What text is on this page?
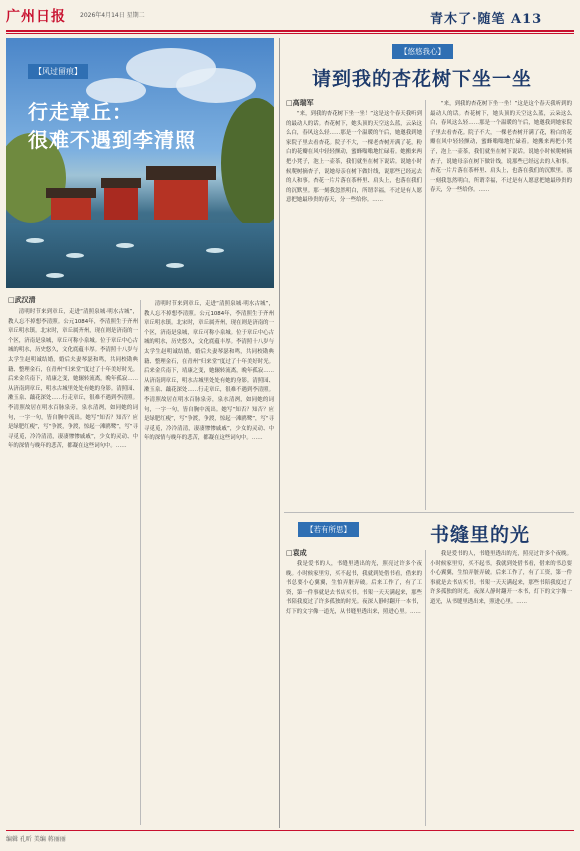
广州日报 2026年4月14日 星期二	青木了·随笔 A13
【风过留痕】
行走章丘：
很难不遇到李清照
□武汉清

清明时节来到章丘，走进“清照泉城·明水古城”，教人忘不掉想李清照。公元1084年，李清照生于齐州章丘明水镇。北宋时，章丘属齐州，现在则是济南的一个区，济南是泉城，章丘可称小泉城。位于章丘中心古城的明水，历史悠久，文化底蕴丰厚。李清照十八岁与太学生赵明诚结婚，婚后夫妻琴瑟和鸣，共同校勘典籍、整理金石，在青州“归来堂”度过了十年美好时光。后来金兵南下，靖康之变，她辗转流离，晚年孤寂……从济南到章丘，明水古城里处处有她的身影。清照园、漱玉泉、藕花深处……行走章丘，很难不遇到李清照。李清照故居在明水百脉泉旁，泉水清冽，如同她的词句，一字一句，皆自胸中流出。她写“知否？知否？应是绿肥红瘦”，写“争渡，争渡，惊起一滩鸥鹭”，写“寻寻觅觅，冷冷清清，凄凄惨惨戚戚”，少女的灵动、中年的深情与晚年的悲苦，都凝在这些词句中。……

清明时节来到章丘，走进“清照泉城·明水古城”，教人忘不掉想李清照。公元1084年，李清照生于齐州章丘明水镇。北宋时，章丘属齐州，现在则是济南的一个区，济南是泉城，章丘可称小泉城。位于章丘中心古城的明水，历史悠久，文化底蕴丰厚。李清照十八岁与太学生赵明诚结婚，婚后夫妻琴瑟和鸣，共同校勘典籍、整理金石，在青州“归来堂”度过了十年美好时光。后来金兵南下，靖康之变，她辗转流离，晚年孤寂……从济南到章丘，明水古城里处处有她的身影。清照园、漱玉泉、藕花深处……行走章丘，很难不遇到李清照。李清照故居在明水百脉泉旁，泉水清冽，如同她的词句，一字一句，皆自胸中流出。她写“知否？知否？应是绿肥红瘦”，写“争渡，争渡，惊起一滩鸥鹭”，写“寻寻觅觅，冷冷清清，凄凄惨惨戚戚”，少女的灵动、中年的深情与晚年的悲苦，都凝在这些词句中。……

【悠悠我心】
请到我的杏花树下坐一坐
□高瑞军

“来，到我的杏花树下坐一坐！”这是这个春天我听到的最动人的话。杏花树下，她头顶的天空这么蓝，云朵这么白，春风这么轻……那是一个温暖的午后，她邀我到她家院子里去看杏花。院子不大，一棵老杏树开满了花，粉白的花瓣在风中轻轻颤动，蜜蜂嗡嗡地忙碌着。她搬来两把小凳子，泡上一壶茶，我们就坐在树下说话。说她小时候爬树摘杏子，说她母亲在树下做针线，说那些已经远去的人和事。杏花一片片落在茶杯里、肩头上，也落在我们的沉默里。那一刻我忽然明白，所谓幸福，不过是有人愿意把她最珍贵的春天，分一些给你。……

“来，到我的杏花树下坐一坐！”这是这个春天我听到的最动人的话。杏花树下，她头顶的天空这么蓝，云朵这么白，春风这么轻……那是一个温暖的午后，她邀我到她家院子里去看杏花。院子不大，一棵老杏树开满了花，粉白的花瓣在风中轻轻颤动，蜜蜂嗡嗡地忙碌着。她搬来两把小凳子，泡上一壶茶，我们就坐在树下说话。说她小时候爬树摘杏子，说她母亲在树下做针线，说那些已经远去的人和事。杏花一片片落在茶杯里、肩头上，也落在我们的沉默里。那一刻我忽然明白，所谓幸福，不过是有人愿意把她最珍贵的春天，分一些给你。……

【若有所思】	书缝里的光
□袁成

我是爱书的人，书缝里透出的光，照亮过许多个夜晚。小时候家里穷，买不起书，我就到处借书看，借来的书总要小心翼翼，生怕弄脏弄破。后来工作了，有了工资，第一件事就是去书店买书。书架一天天满起来，那些书陪我度过了许多孤独的时光。夜深人静时翻开一本书，灯下的文字像一道光，从书缝里透出来，照进心里。……

我是爱书的人，书缝里透出的光，照亮过许多个夜晚。小时候家里穷，买不起书，我就到处借书看，借来的书总要小心翼翼，生怕弄脏弄破。后来工作了，有了工资，第一件事就是去书店买书。书架一天天满起来，那些书陪我度过了许多孤独的时光。夜深人静时翻开一本书，灯下的文字像一道光，从书缝里透出来，照进心里。……

编辑 孔昕 美编 蒋丽丽
